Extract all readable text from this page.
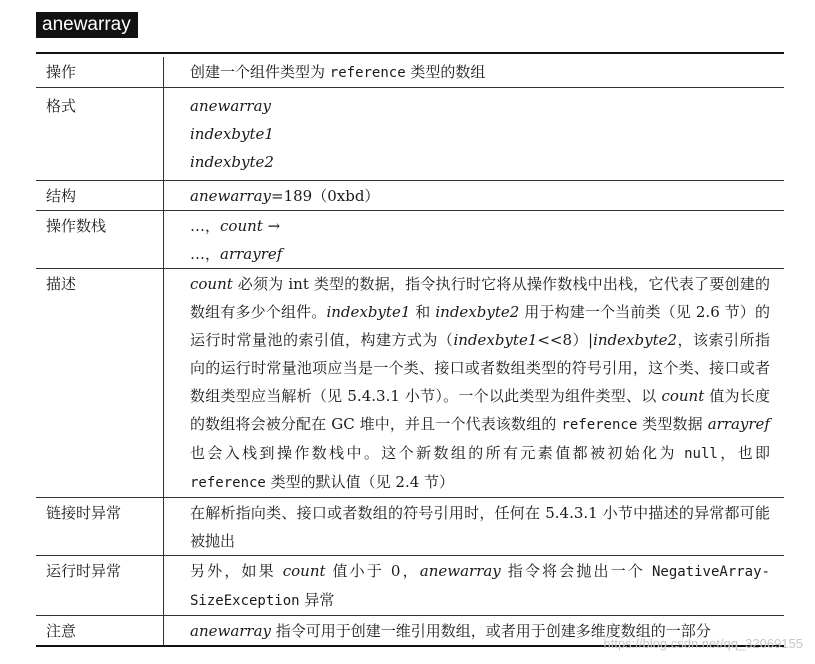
anewarray
操作	创建一个组件类型为 reference 类型的数组
格式	anewarray
indexbyte1
indexbyte2

结构	anewarray=189（0xbd）
操作数栈	…，count →
…，arrayref

描述	count 必须为 int 类型的数据，指令执行时它将从操作数栈中出栈，它代表了要创建的数组有多少个组件。indexbyte1 和 indexbyte2 用于构建一个当前类（见 2.6 节）的运行时常量池的索引值，构建方式为（indexbyte1<<8）|indexbyte2，该索引所指向的运行时常量池项应当是一个类、接口或者数组类型的符号引用，这个类、接口或者数组类型应当解析（见 5.4.3.1 小节）。一个以此类型为组件类型、以 count 值为长度的数组将会被分配在 GC 堆中，并且一个代表该数组的 reference 类型数据 arrayref 也会入栈到操作数栈中。这个新数组的所有元素值都被初始化为 null，也即 reference 类型的默认值（见 2.4 节）
链接时异常	在解析指向类、接口或者数组的符号引用时，任何在 5.4.3.1 小节中描述的异常都可能被抛出
运行时异常	另外，如果 count 值小于 0，anewarray 指令将会抛出一个 NegativeArray-SizeException 异常
注意	anewarray 指令可用于创建一维引用数组，或者用于创建多维度数组的一部分
https://blog.csdn.net/qq_32069155
